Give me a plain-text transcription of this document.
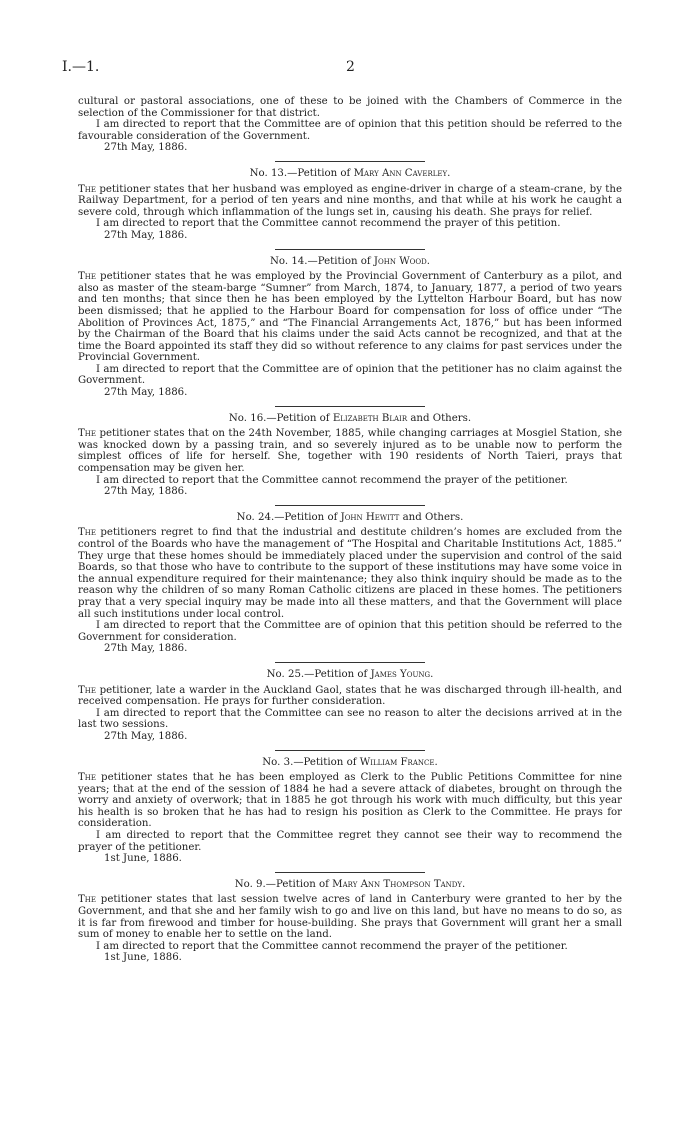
I.—1.	2

cultural or pastoral associations, one of these to be joined with the Chambers of Commerce in the selection of the Commissioner for that district.

I am directed to report that the Committee are of opinion that this petition should be referred to the favourable consideration of the Government.

27th May, 1886.

No. 13.—Petition of Mary Ann Caverley.

The petitioner states that her husband was employed as engine-driver in charge of a steam-crane, by the Railway Department, for a period of ten years and nine months, and that while at his work he caught a severe cold, through which inflammation of the lungs set in, causing his death. She prays for relief.

I am directed to report that the Committee cannot recommend the prayer of this petition.

27th May, 1886.

No. 14.—Petition of John Wood.

The petitioner states that he was employed by the Provincial Government of Canterbury as a pilot, and also as master of the steam-barge “Sumner” from March, 1874, to January, 1877, a period of two years and ten months; that since then he has been employed by the Lyttelton Harbour Board, but has now been dismissed; that he applied to the Harbour Board for compensation for loss of office under “The Abolition of Provinces Act, 1875,” and “The Financial Arrangements Act, 1876,” but has been informed by the Chairman of the Board that his claims under the said Acts cannot be recognized, and that at the time the Board appointed its staff they did so without reference to any claims for past services under the Provincial Government.

I am directed to report that the Committee are of opinion that the petitioner has no claim against the Government.

27th May, 1886.

No. 16.—Petition of Elizabeth Blair and Others.

The petitioner states that on the 24th November, 1885, while changing carriages at Mosgiel Station, she was knocked down by a passing train, and so severely injured as to be unable now to perform the simplest offices of life for herself. She, together with 190 residents of North Taieri, prays that compensation may be given her.

I am directed to report that the Committee cannot recommend the prayer of the petitioner.

27th May, 1886.

No. 24.—Petition of John Hewitt and Others.

The petitioners regret to find that the industrial and destitute children’s homes are excluded from the control of the Boards who have the management of “The Hospital and Charitable Institutions Act, 1885.” They urge that these homes should be immediately placed under the supervision and control of the said Boards, so that those who have to contribute to the support of these institutions may have some voice in the annual expenditure required for their maintenance; they also think inquiry should be made as to the reason why the children of so many Roman Catholic citizens are placed in these homes. The petitioners pray that a very special inquiry may be made into all these matters, and that the Government will place all such institutions under local control.

I am directed to report that the Committee are of opinion that this petition should be referred to the Government for consideration.

27th May, 1886.

No. 25.—Petition of James Young.

The petitioner, late a warder in the Auckland Gaol, states that he was discharged through ill-health, and received compensation. He prays for further consideration.

I am directed to report that the Committee can see no reason to alter the decisions arrived at in the last two sessions.

27th May, 1886.

No. 3.—Petition of William France.

The petitioner states that he has been employed as Clerk to the Public Petitions Committee for nine years; that at the end of the session of 1884 he had a severe attack of diabetes, brought on through the worry and anxiety of overwork; that in 1885 he got through his work with much difficulty, but this year his health is so broken that he has had to resign his position as Clerk to the Committee. He prays for consideration.

I am directed to report that the Committee regret they cannot see their way to recommend the prayer of the petitioner.

1st June, 1886.

No. 9.—Petition of Mary Ann Thompson Tandy.

The petitioner states that last session twelve acres of land in Canterbury were granted to her by the Government, and that she and her family wish to go and live on this land, but have no means to do so, as it is far from firewood and timber for house-building. She prays that Government will grant her a small sum of money to enable her to settle on the land.

I am directed to report that the Committee cannot recommend the prayer of the petitioner.

1st June, 1886.
